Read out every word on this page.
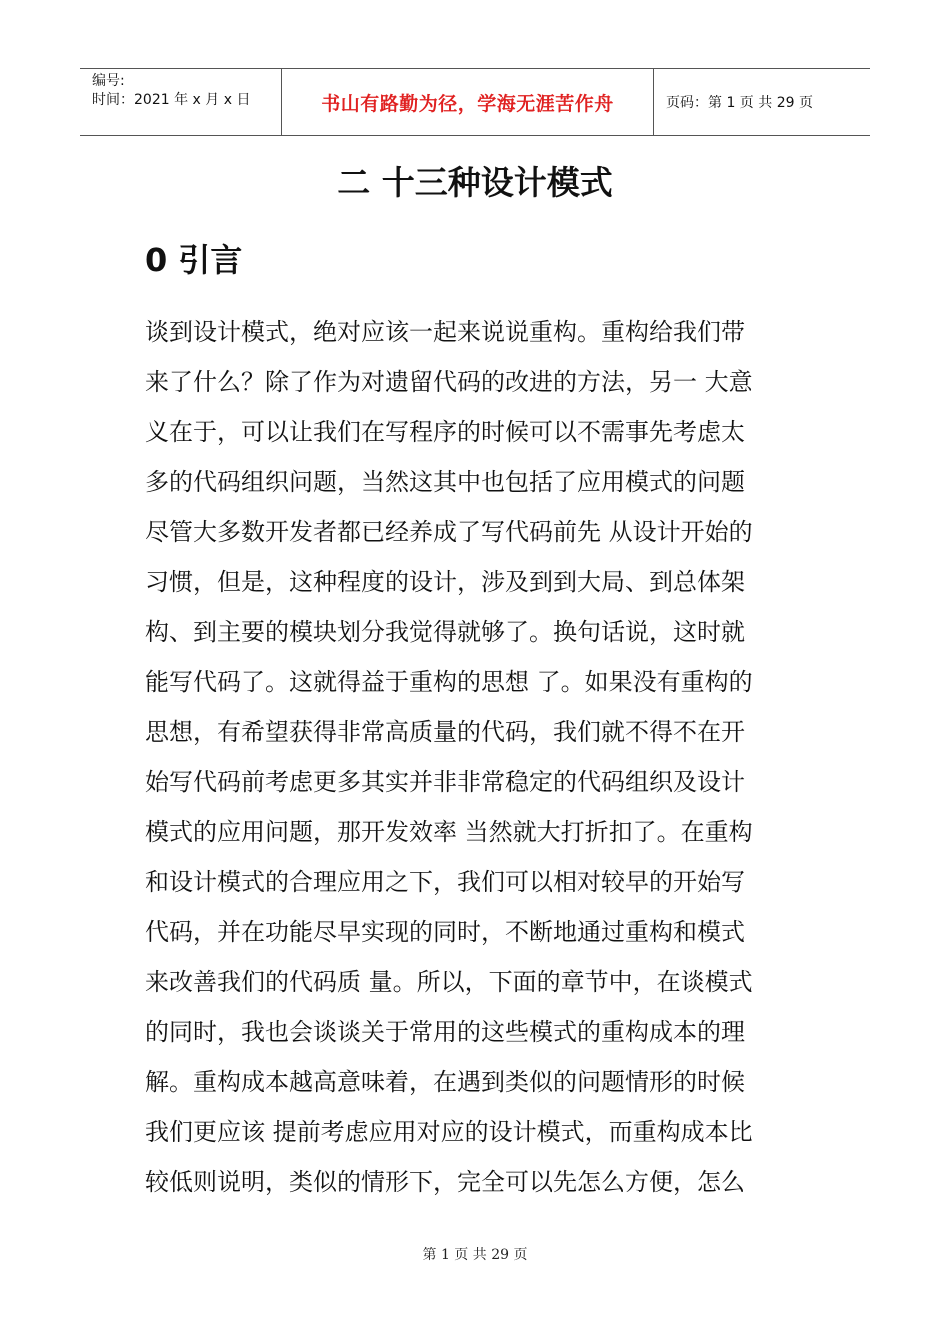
编号:
时间：2021 年 x 月 x 日	书山有路勤为径，学海无涯苦作舟	页码：第 1 页 共 29 页
二 十三种设计模式
0 引言
谈到设计模式，绝对应该一起来说说重构。重构给我们带
来了什么？除了作为对遗留代码的改进的方法，另一 大意
义在于，可以让我们在写程序的时候可以不需事先考虑太
多的代码组织问题，当然这其中也包括了应用模式的问题
尽管大多数开发者都已经养成了写代码前先 从设计开始的
习惯，但是，这种程度的设计，涉及到到大局、到总体架
构、到主要的模块划分我觉得就够了。换句话说，这时就
能写代码了。这就得益于重构的思想 了。如果没有重构的
思想，有希望获得非常高质量的代码，我们就不得不在开
始写代码前考虑更多其实并非非常稳定的代码组织及设计
模式的应用问题，那开发效率 当然就大打折扣了。在重构
和设计模式的合理应用之下，我们可以相对较早的开始写
代码，并在功能尽早实现的同时，不断地通过重构和模式
来改善我们的代码质 量。所以，下面的章节中，在谈模式
的同时，我也会谈谈关于常用的这些模式的重构成本的理
解。重构成本越高意味着，在遇到类似的问题情形的时候
我们更应该 提前考虑应用对应的设计模式，而重构成本比
较低则说明，类似的情形下，完全可以先怎么方便，怎么
第 1 页 共 29 页
